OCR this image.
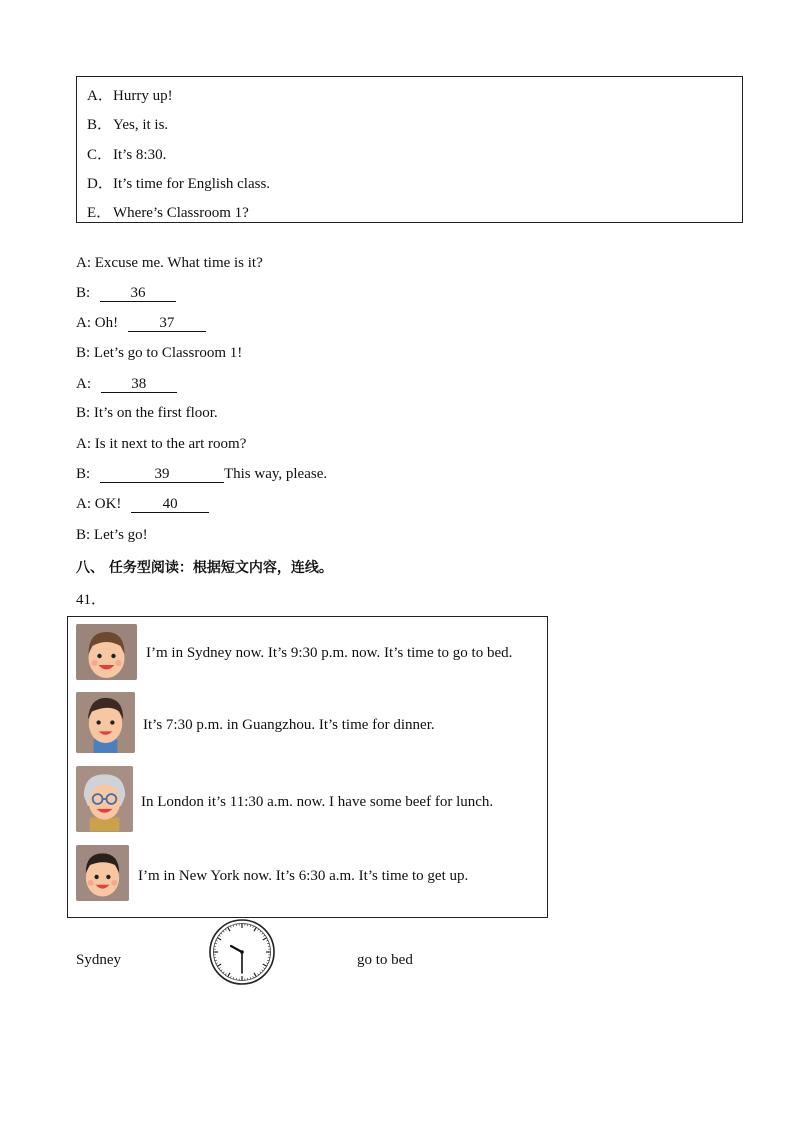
A．Hurry up!
B．Yes, it is.
C．It’s 8:30.
D．It’s time for English class.
E． Where’s Classroom 1?
A: Excuse me. What time is it?
B:	36
A: Oh!	37
B: Let’s go to Classroom 1!
A:	38
B: It’s on the first floor.
A: Is it next to the art room?
B:	39	This way, please.
A: OK!	40
B: Let’s go!
八、 任务型阅读：根据短文内容，连线。
41．
I’m in Sydney now. It’s 9:30 p.m. now. It’s time to go to bed.
It’s 7:30 p.m. in Guangzhou. It’s time for dinner.
In London it’s 11:30 a.m. now. I have some beef for lunch.
I’m in New York now. It’s 6:30 a.m. It’s time to get up.
Sydney	go to bed
